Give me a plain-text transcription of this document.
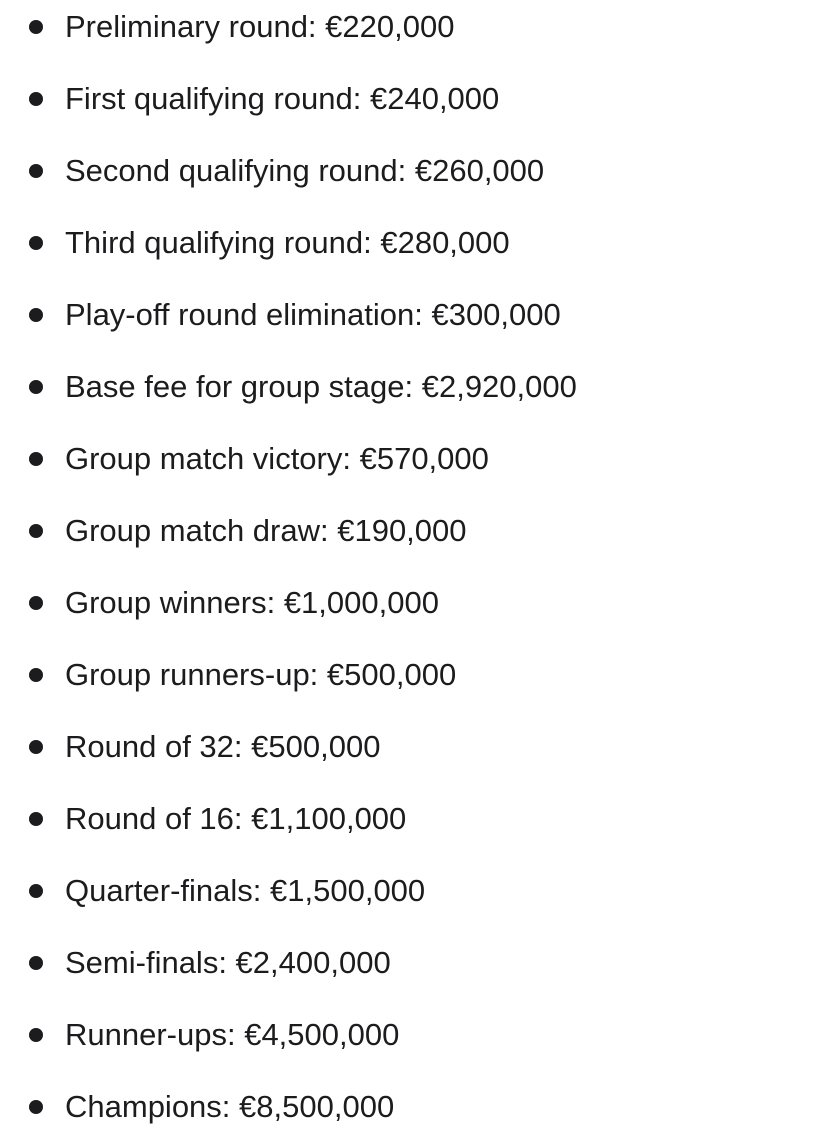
Preliminary round: €220,000
First qualifying round: €240,000
Second qualifying round: €260,000
Third qualifying round: €280,000
Play-off round elimination: €300,000
Base fee for group stage: €2,920,000
Group match victory: €570,000
Group match draw: €190,000
Group winners: €1,000,000
Group runners-up: €500,000
Round of 32: €500,000
Round of 16: €1,100,000
Quarter-finals: €1,500,000
Semi-finals: €2,400,000
Runner-ups: €4,500,000
Champions: €8,500,000
